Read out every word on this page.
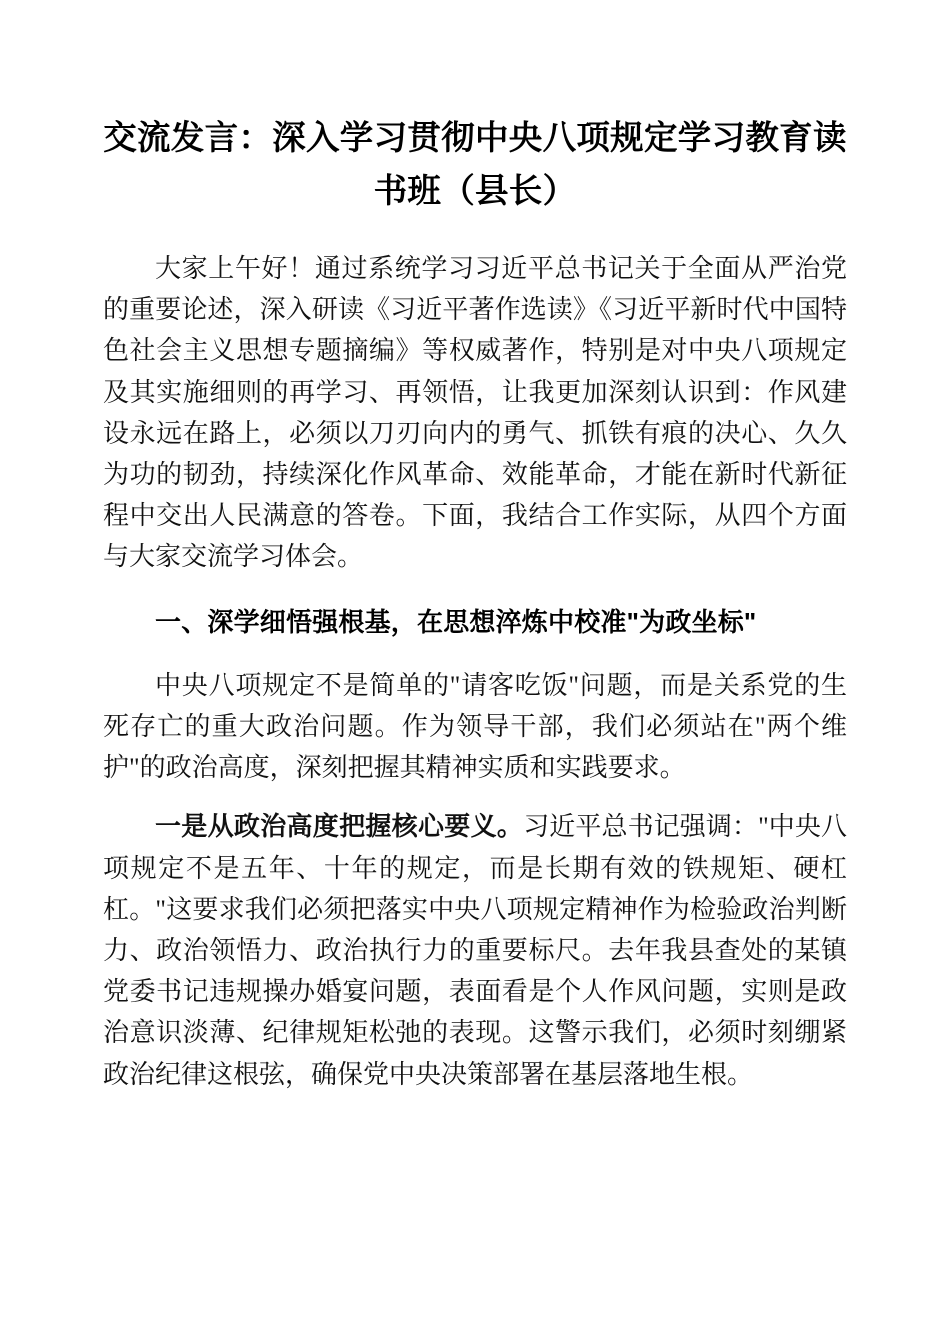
交流发言：深入学习贯彻中央八项规定学习教育读书班（县长）

大家上午好！通过系统学习习近平总书记关于全面从严治党的重要论述，深入研读《习近平著作选读》《习近平新时代中国特色社会主义思想专题摘编》等权威著作，特别是对中央八项规定及其实施细则的再学习、再领悟，让我更加深刻认识到：作风建设永远在路上，必须以刀刃向内的勇气、抓铁有痕的决心、久久为功的韧劲，持续深化作风革命、效能革命，才能在新时代新征程中交出人民满意的答卷。下面，我结合工作实际，从四个方面与大家交流学习体会。

一、深学细悟强根基，在思想淬炼中校准"为政坐标"

中央八项规定不是简单的"请客吃饭"问题，而是关系党的生死存亡的重大政治问题。作为领导干部，我们必须站在"两个维护"的政治高度，深刻把握其精神实质和实践要求。

一是从政治高度把握核心要义。习近平总书记强调："中央八项规定不是五年、十年的规定，而是长期有效的铁规矩、硬杠杠。"这要求我们必须把落实中央八项规定精神作为检验政治判断力、政治领悟力、政治执行力的重要标尺。去年我县查处的某镇党委书记违规操办婚宴问题，表面看是个人作风问题，实则是政治意识淡薄、纪律规矩松弛的表现。这警示我们，必须时刻绷紧政治纪律这根弦，确保党中央决策部署在基层落地生根。
